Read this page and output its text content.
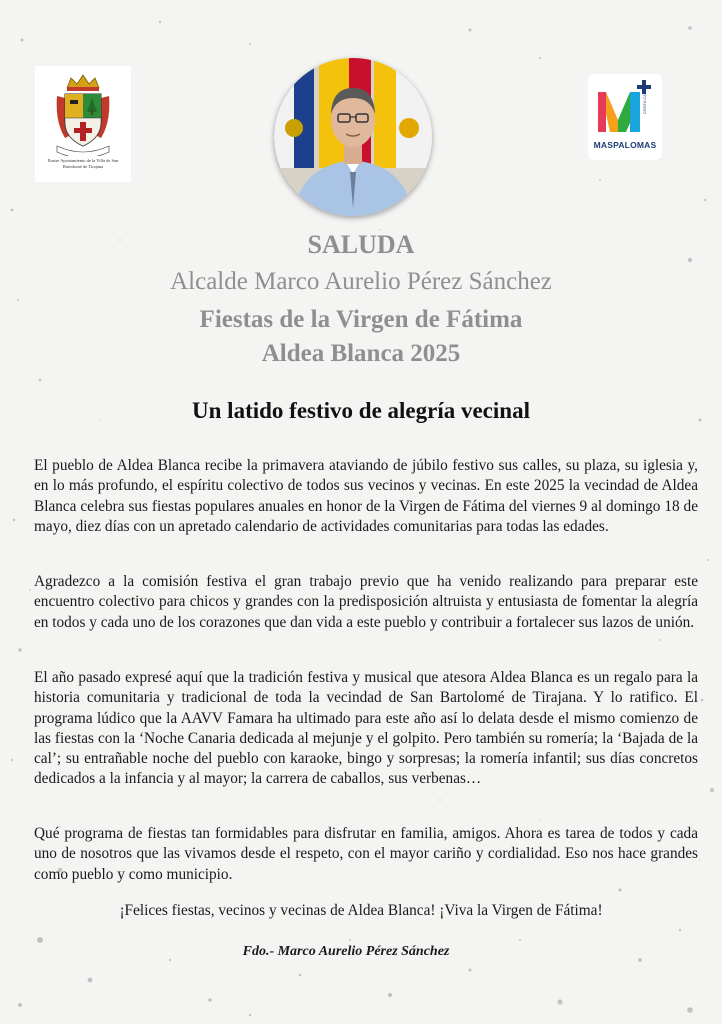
Ilustre Ayuntamiento de la Villa de San Bartolomé de Tirajana
COSTA CANARIA
MASPALOMAS
SALUDA
Alcalde Marco Aurelio Pérez Sánchez
Fiestas de la Virgen de Fátima
Aldea Blanca 2025
Un latido festivo de alegría vecinal

El pueblo de Aldea Blanca recibe la primavera ataviando de júbilo festivo sus calles, su plaza, su iglesia y, en lo más profundo, el espíritu colectivo de todos sus vecinos y vecinas. En este 2025 la vecindad de Aldea Blanca celebra sus fiestas populares anuales en honor de la Virgen de Fátima del viernes 9 al domingo 18 de mayo, diez días con un apretado calendario de actividades comunitarias para todas las edades.

Agradezco a la comisión festiva el gran trabajo previo que ha venido realizando para preparar este encuentro colectivo para chicos y grandes con la predisposición altruista y entusiasta de fomentar la alegría en todos y cada uno de los corazones que dan vida a este pueblo y contribuir a fortalecer sus lazos de unión.

El año pasado expresé aquí que la tradición festiva y musical que atesora Aldea Blanca es un regalo para la historia comunitaria y tradicional de toda la vecindad de San Bartolomé de Tirajana. Y lo ratifico. El programa lúdico que la AAVV Famara ha ultimado para este año así lo delata desde el mismo comienzo de las fiestas con la ‘Noche Canaria dedicada al mejunje y el golpito. Pero también su romería; la ‘Bajada de la cal’; su entrañable noche del pueblo con karaoke, bingo y sorpresas; la romería infantil; sus días concretos dedicados a la infancia y al mayor; la carrera de caballos, sus verbenas…

Qué programa de fiestas tan formidables para disfrutar en familia, amigos. Ahora es tarea de todos y cada uno de nosotros que las vivamos desde el respeto, con el mayor cariño y cordialidad. Eso nos hace grandes como pueblo y como municipio.

¡Felices fiestas, vecinos y vecinas de Aldea Blanca! ¡Viva la Virgen de Fátima!

Fdo.- Marco Aurelio Pérez Sánchez
